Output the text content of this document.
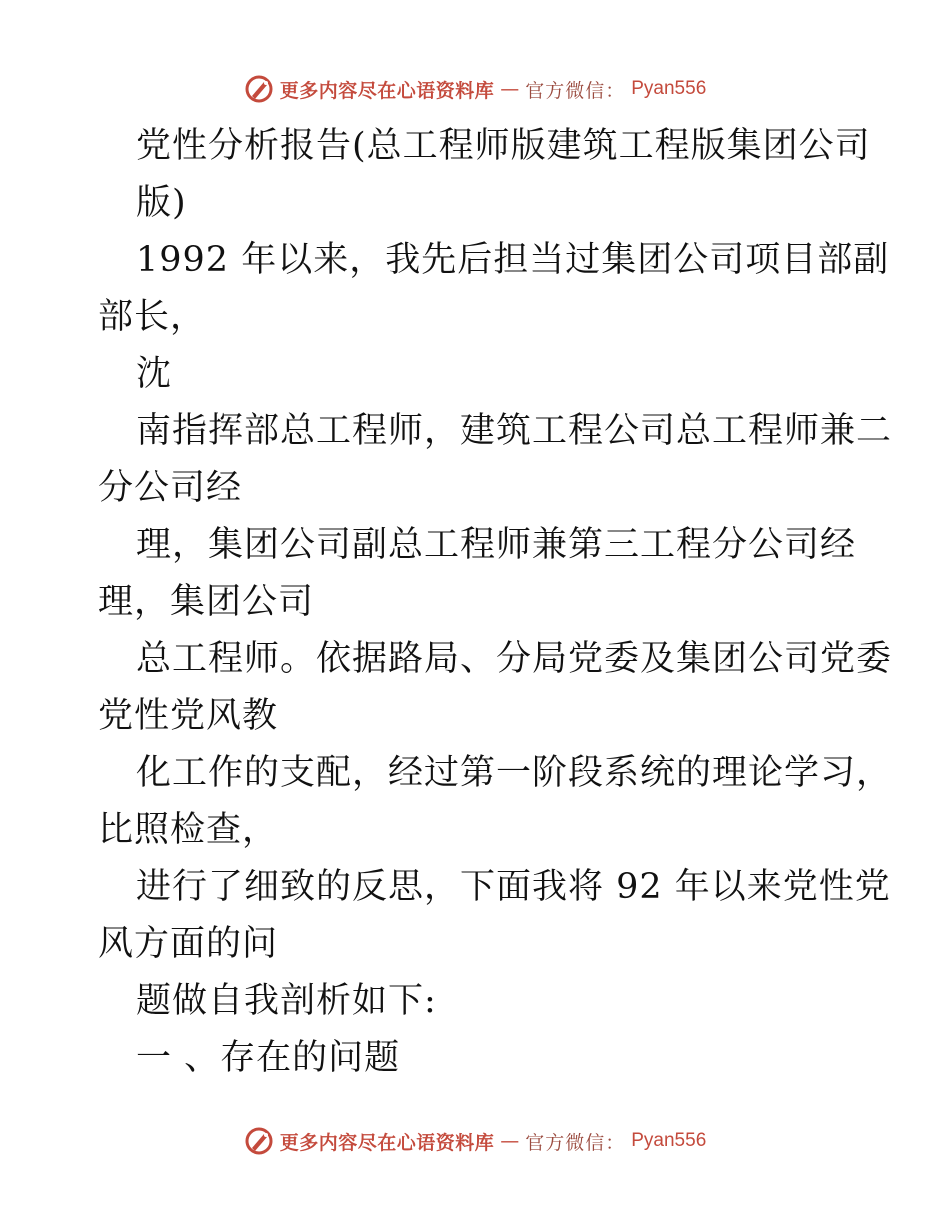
更多内容尽在心语资料库 — 官方微信： Pyan556
党性分析报告(总工程师版建筑工程版集团公司
版)
1992 年以来，我先后担当过集团公司项目部副
部长，
沈
南指挥部总工程师，建筑工程公司总工程师兼二
分公司经
理，集团公司副总工程师兼第三工程分公司经
理，集团公司
总工程师。依据路局、分局党委及集团公司党委
党性党风教
化工作的支配，经过第一阶段系统的理论学习，
比照检查，
进行了细致的反思，下面我将 92 年以来党性党
风方面的问
题做自我剖析如下:
一 、存在的问题
更多内容尽在心语资料库 — 官方微信： Pyan556
